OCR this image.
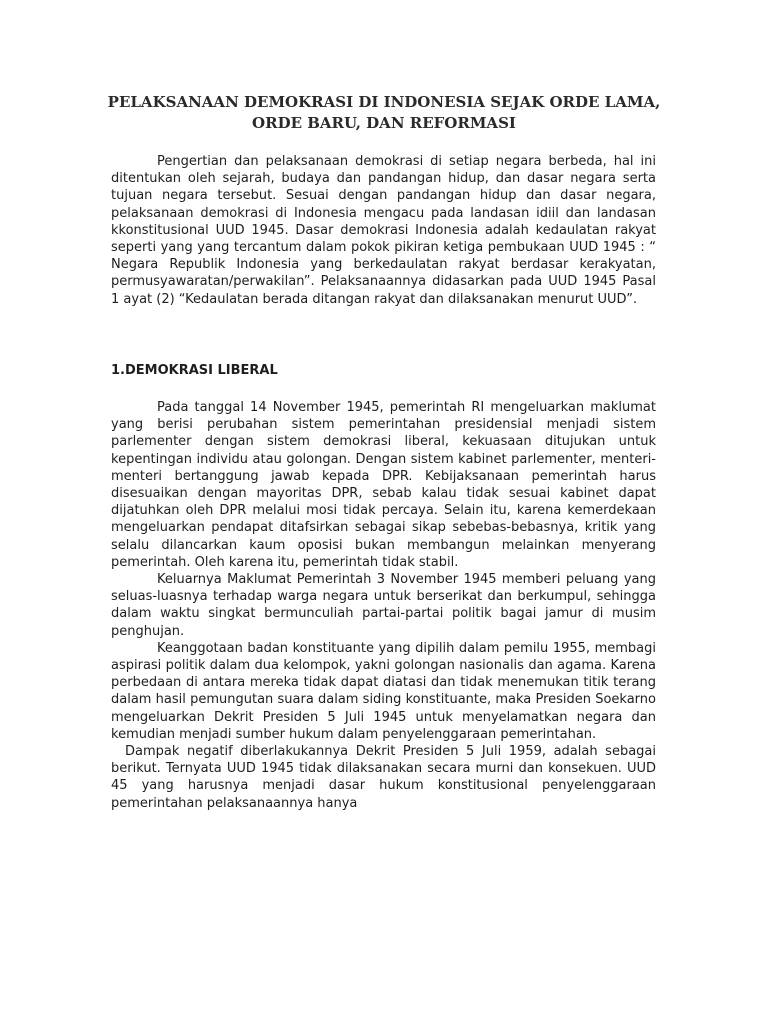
PELAKSANAAN DEMOKRASI DI INDONESIA SEJAK ORDE LAMA,
ORDE BARU, DAN REFORMASI

Pengertian dan pelaksanaan demokrasi di setiap negara berbeda, hal ini ditentukan oleh sejarah, budaya dan pandangan hidup, dan dasar negara serta tujuan negara tersebut. Sesuai dengan pandangan hidup dan dasar negara, pelaksanaan demokrasi di Indonesia mengacu pada landasan idiil dan landasan kkonstitusional UUD 1945. Dasar demokrasi Indonesia adalah kedaulatan rakyat seperti yang yang tercantum dalam pokok pikiran ketiga pembukaan UUD 1945 : “ Negara Republik Indonesia yang berkedaulatan rakyat berdasar kerakyatan, permusyawaratan/perwakilan”. Pelaksanaannya didasarkan pada UUD 1945 Pasal 1 ayat (2) “Kedaulatan berada ditangan rakyat dan dilaksanakan menurut UUD”.

1.DEMOKRASI LIBERAL

Pada tanggal 14 November 1945, pemerintah RI mengeluarkan maklumat yang berisi perubahan sistem pemerintahan presidensial menjadi sistem parlementer dengan sistem demokrasi liberal, kekuasaan ditujukan untuk kepentingan individu atau golongan. Dengan sistem kabinet parlementer, menteri-menteri bertanggung jawab kepada DPR. Kebijaksanaan pemerintah harus disesuaikan dengan mayoritas DPR, sebab kalau tidak sesuai kabinet dapat dijatuhkan oleh DPR melalui mosi tidak percaya. Selain itu, karena kemerdekaan mengeluarkan pendapat ditafsirkan sebagai sikap sebebas-bebasnya, kritik yang selalu dilancarkan kaum oposisi bukan membangun melainkan menyerang pemerintah. Oleh karena itu, pemerintah tidak stabil.

Keluarnya Maklumat Pemerintah 3 November 1945 memberi peluang yang seluas-luasnya terhadap warga negara untuk berserikat dan berkumpul, sehingga dalam waktu singkat bermunculiah partai-partai politik bagai jamur di musim penghujan.

Keanggotaan badan konstituante yang dipilih dalam pemilu 1955, membagi aspirasi politik dalam dua kelompok, yakni golongan nasionalis dan agama. Karena perbedaan di antara mereka tidak dapat diatasi dan tidak menemukan titik terang dalam hasil pemungutan suara dalam siding konstituante, maka Presiden Soekarno mengeluarkan Dekrit Presiden 5 Juli 1945 untuk menyelamatkan negara dan kemudian menjadi sumber hukum dalam penyelenggaraan pemerintahan.

Dampak negatif diberlakukannya Dekrit Presiden 5 Juli 1959, adalah sebagai berikut. Ternyata UUD 1945 tidak dilaksanakan secara murni dan konsekuen. UUD 45 yang harusnya menjadi dasar hukum konstitusional penyelenggaraan pemerintahan pelaksanaannya hanya
